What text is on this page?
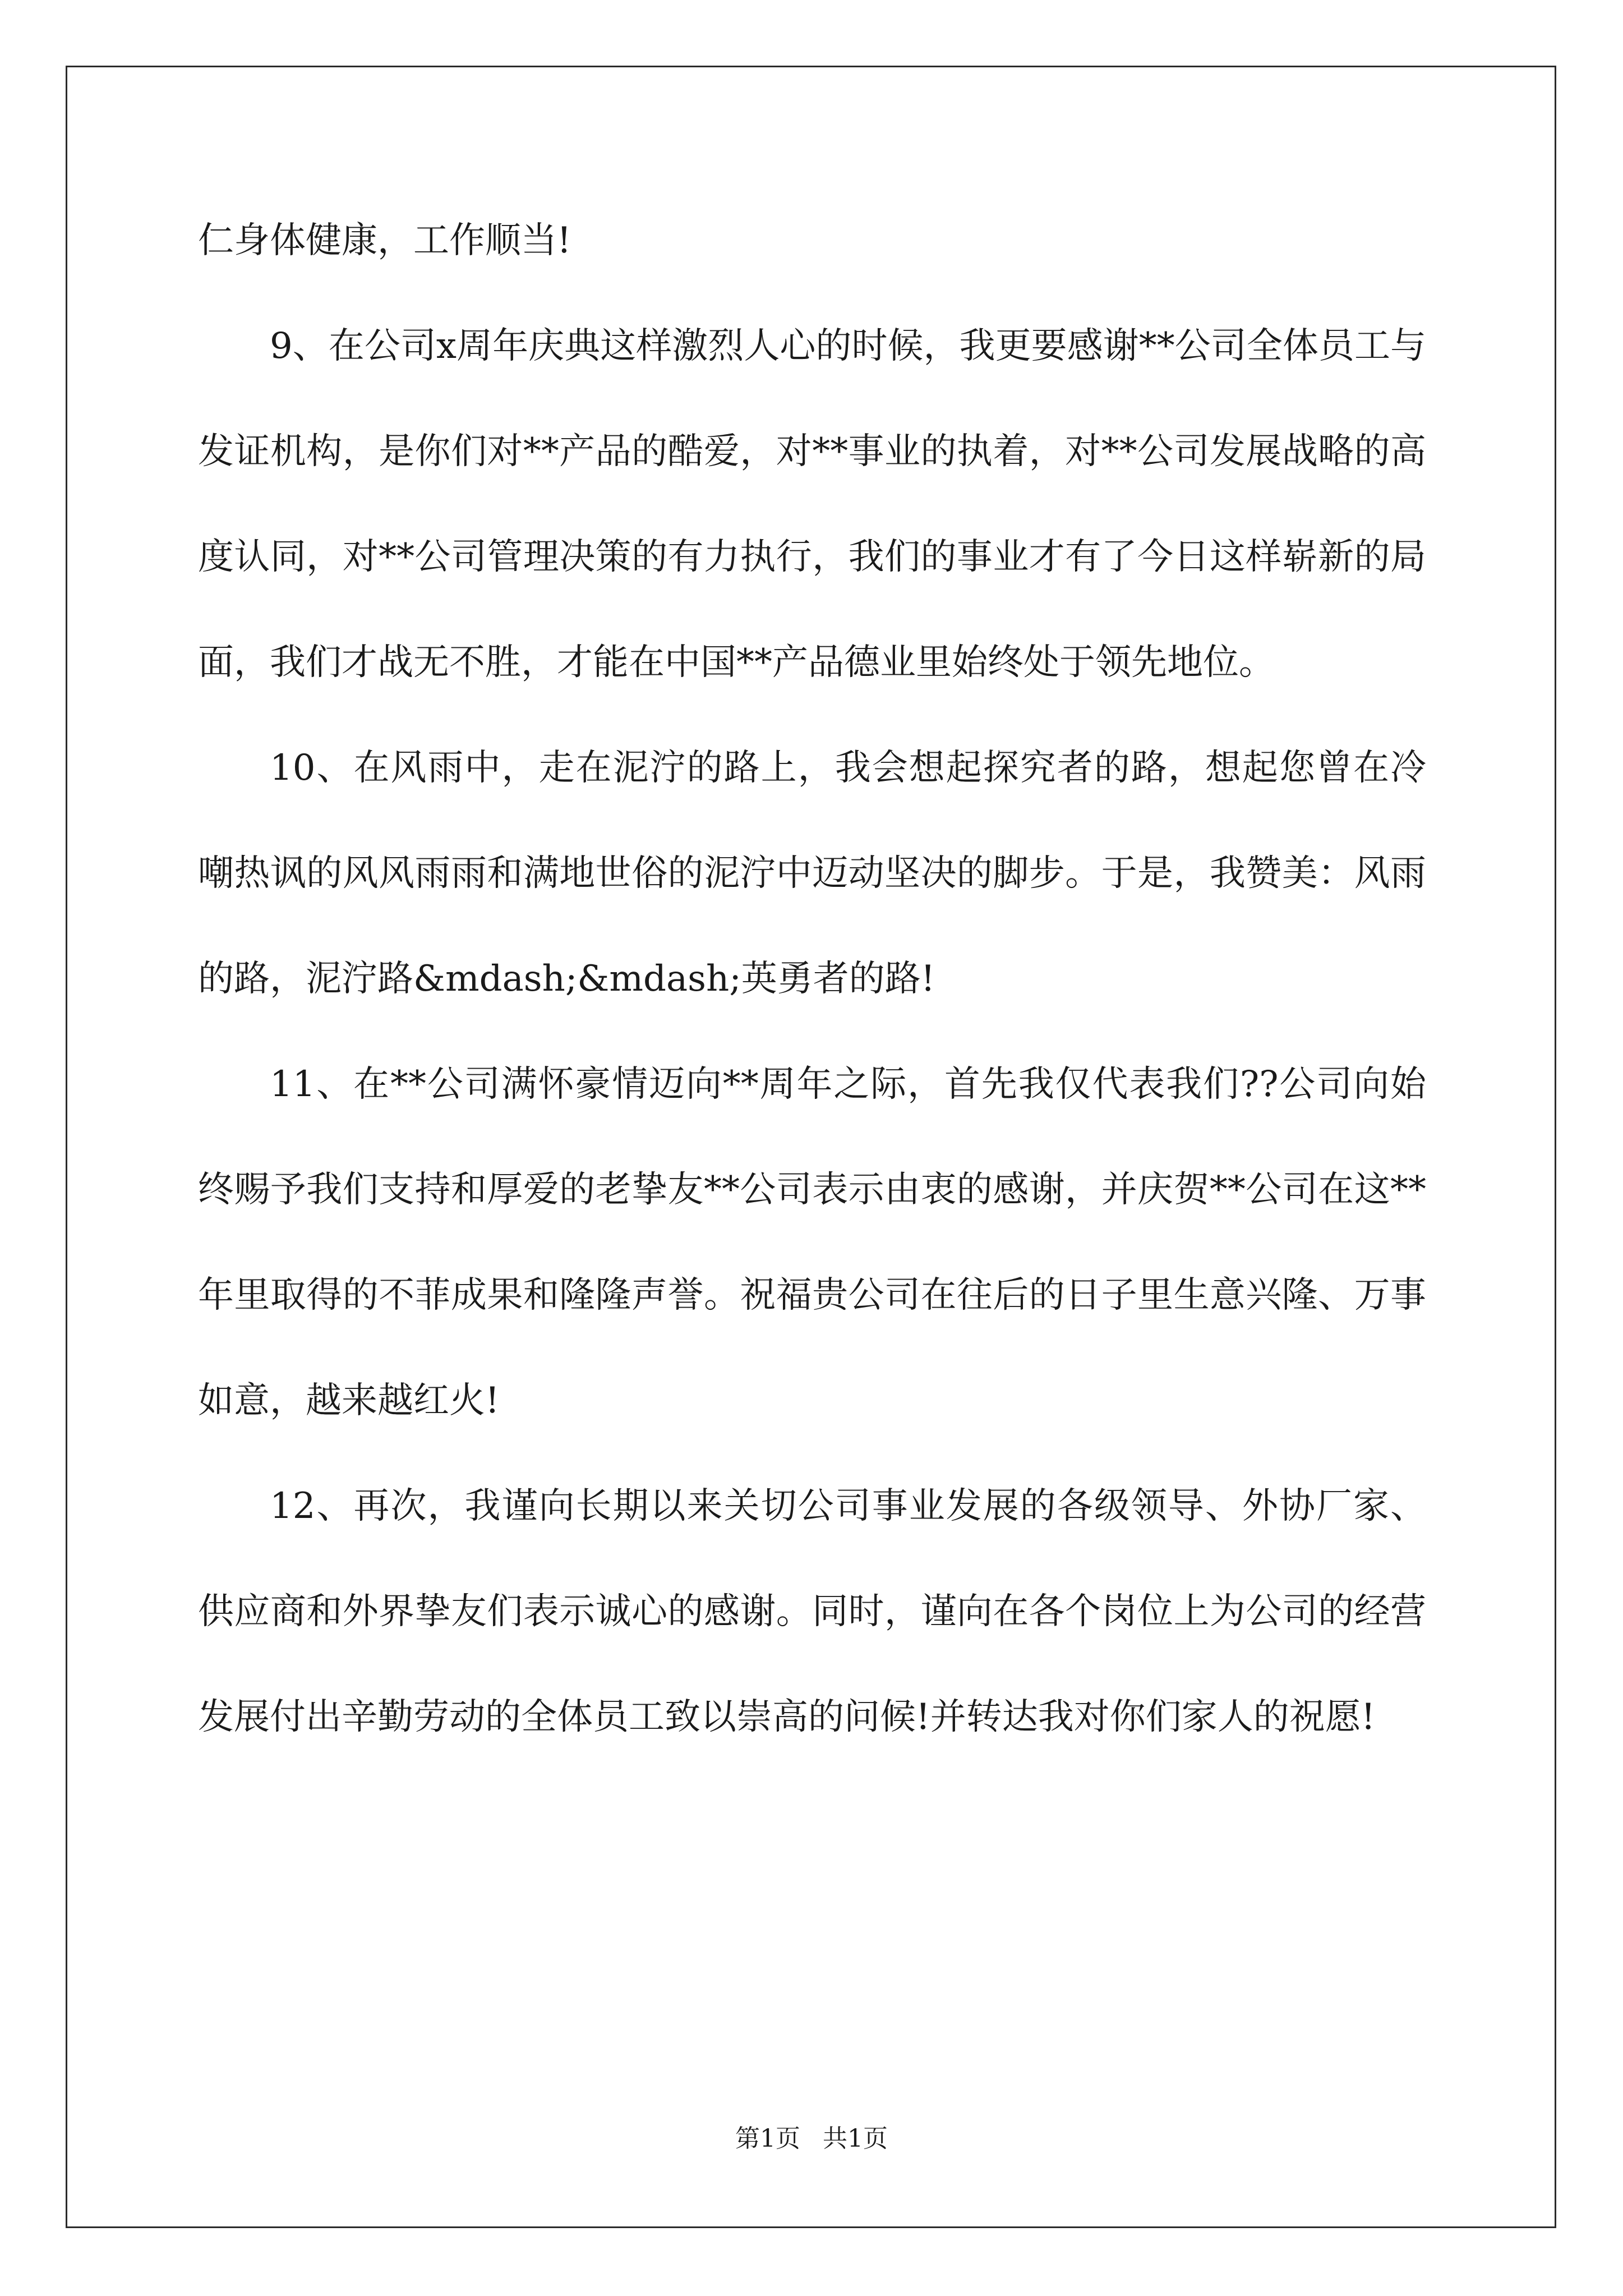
仁身体健康，工作顺当!

9、在公司x周年庆典这样激烈人心的时候，我更要感谢**公司全体员工与发证机构，是你们对**产品的酷爱，对**事业的执着，对**公司发展战略的高度认同，对**公司管理决策的有力执行，我们的事业才有了今日这样崭新的局面，我们才战无不胜，才能在中国**产品德业里始终处于领先地位。

10、在风雨中，走在泥泞的路上，我会想起探究者的路，想起您曾在冷嘲热讽的风风雨雨和满地世俗的泥泞中迈动坚决的脚步。于是，我赞美：风雨的路，泥泞路&mdash;&mdash;英勇者的路!

11、在**公司满怀豪情迈向**周年之际，首先我仅代表我们??公司向始终赐予我们支持和厚爱的老挚友**公司表示由衷的感谢，并庆贺**公司在这**年里取得的不菲成果和隆隆声誉。祝福贵公司在往后的日子里生意兴隆、万事如意，越来越红火!

12、再次，我谨向长期以来关切公司事业发展的各级领导、外协厂家、供应商和外界挚友们表示诚心的感谢。同时，谨向在各个岗位上为公司的经营发展付出辛勤劳动的全体员工致以崇高的问候!并转达我对你们家人的祝愿!

第1页 共1页
